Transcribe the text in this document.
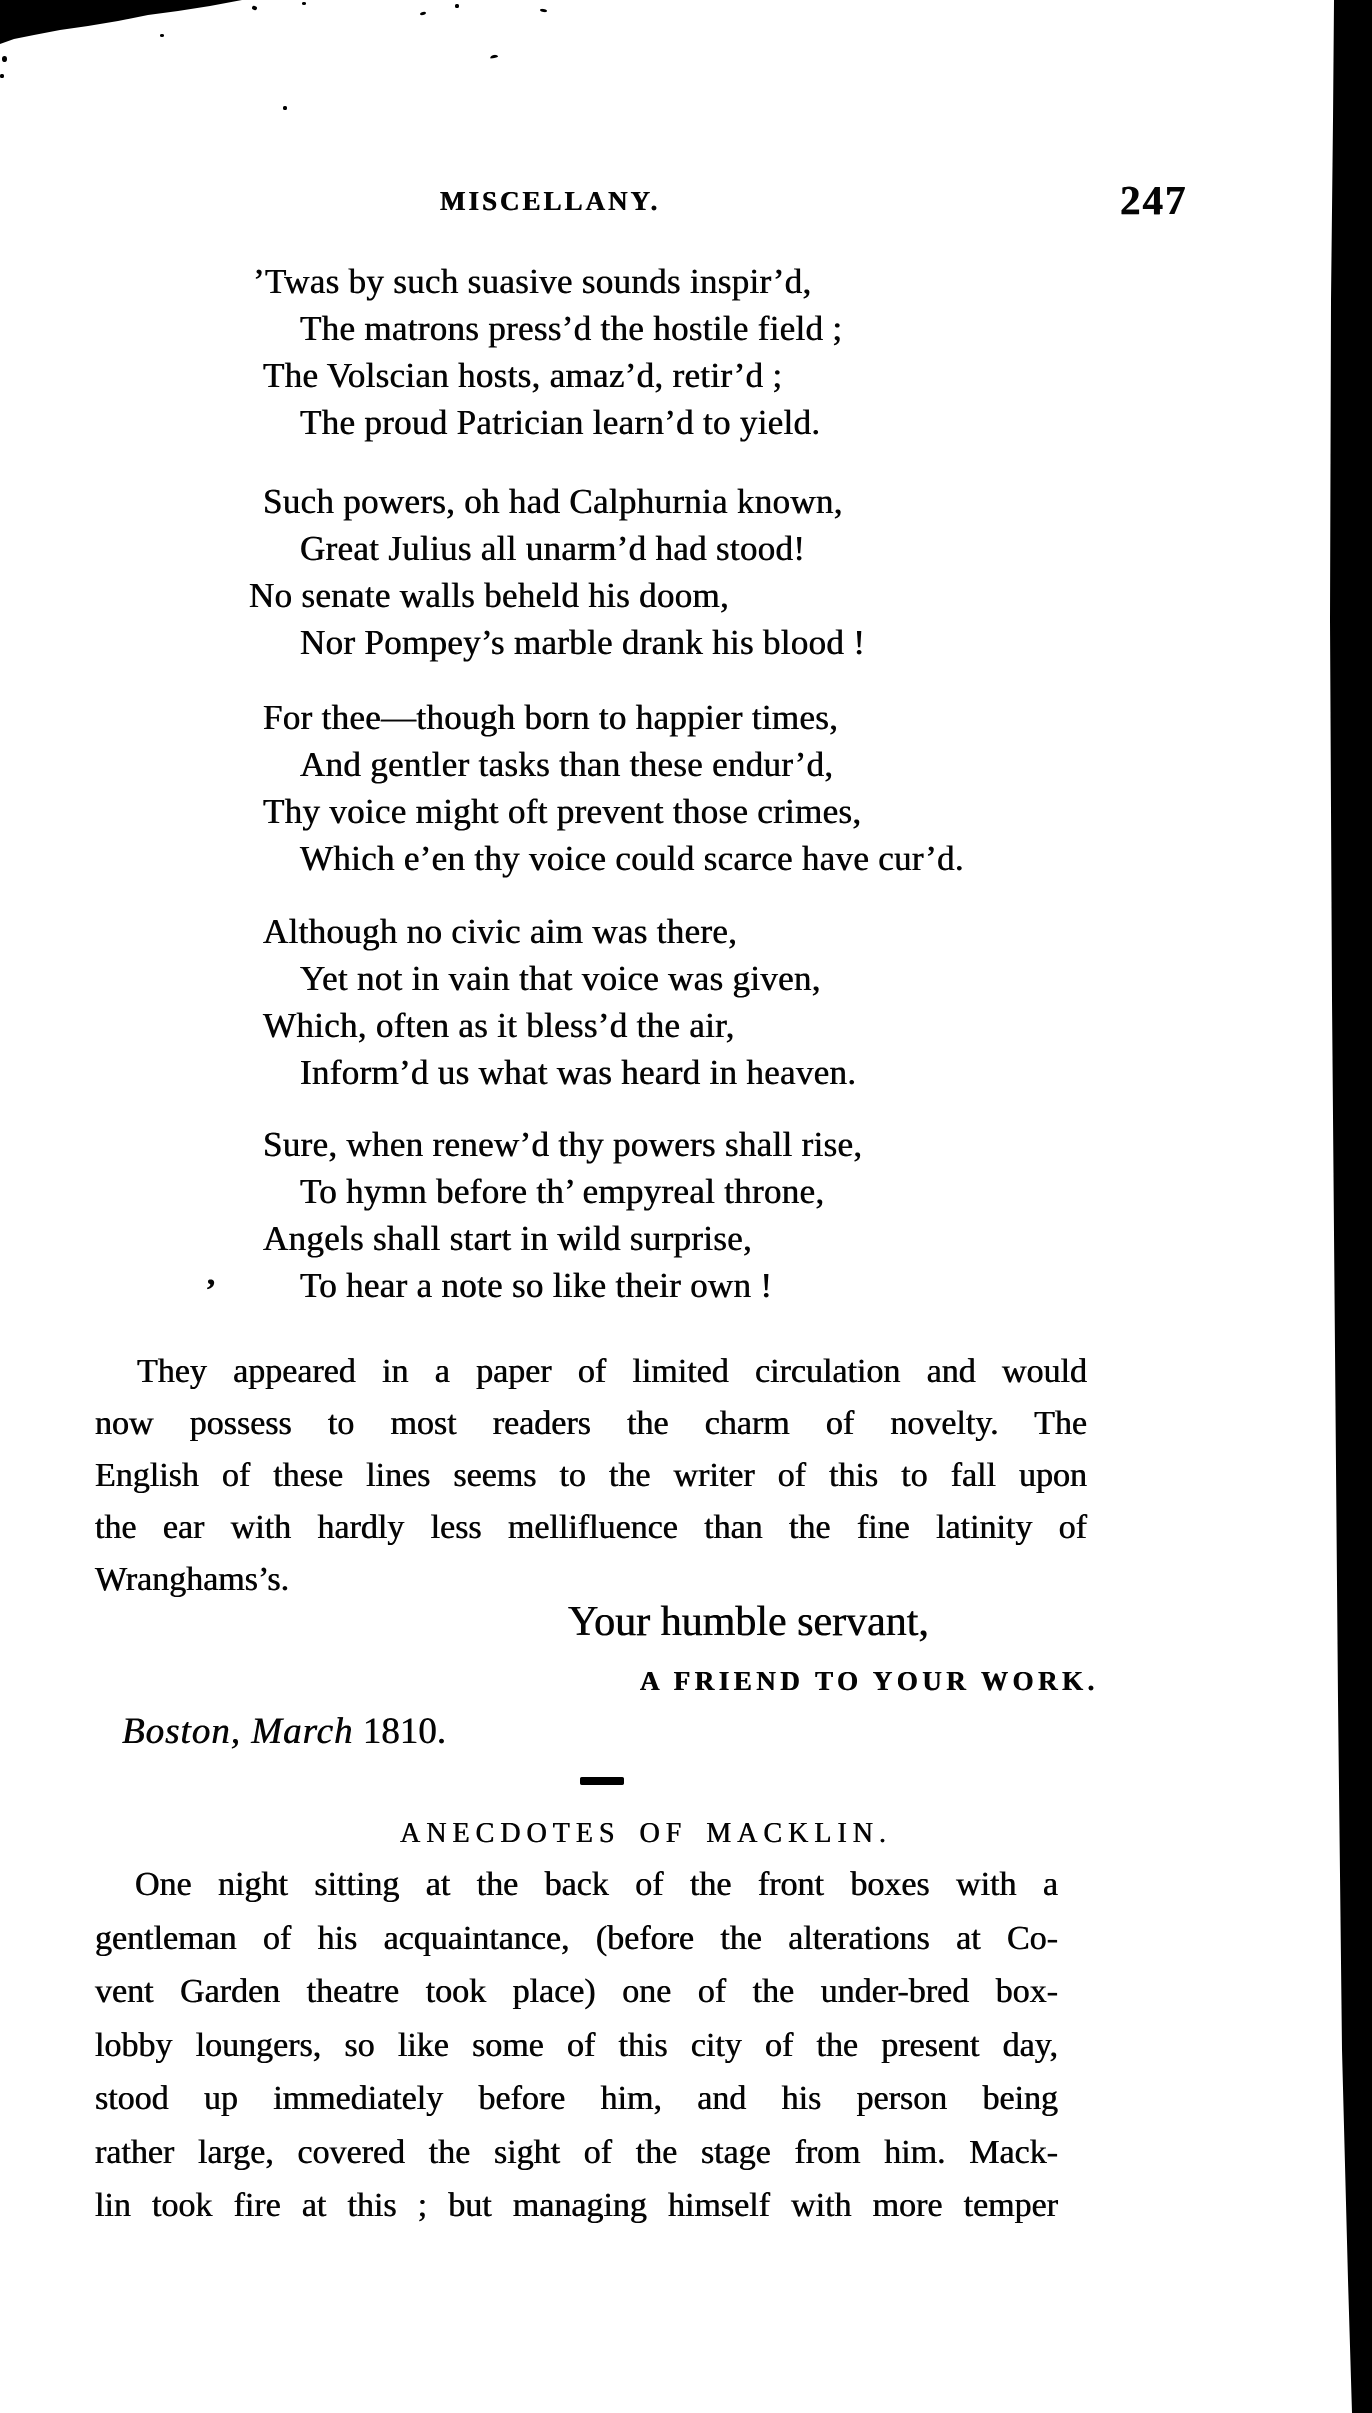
MISCELLANY.	247
’Twas by such suasive sounds inspir’d,
The matrons press’d the hostile field ;
The Volscian hosts, amaz’d, retir’d ;
The proud Patrician learn’d to yield.
Such powers, oh had Calphurnia known,
Great Julius all unarm’d had stood!
No senate walls beheld his doom,
Nor Pompey’s marble drank his blood !
For thee—though born to happier times,
And gentler tasks than these endur’d,
Thy voice might oft prevent those crimes,
Which e’en thy voice could scarce have cur’d.
Although no civic aim was there,
Yet not in vain that voice was given,
Which, often as it bless’d the air,
Inform’d us what was heard in heaven.
Sure, when renew’d thy powers shall rise,
To hymn before th’ empyreal throne,
Angels shall start in wild surprise,
To hear a note so like their own !
,
They appeared in a paper of limited circulation and would
now possess to most readers the charm of novelty. The
English of these lines seems to the writer of this to fall upon
the ear with hardly less mellifluence than the fine latinity of
Wranghams’s.
Your humble servant,
A FRIEND TO YOUR WORK.
Boston, March 1810.
ANECDOTES OF MACKLIN.
One night sitting at the back of the front boxes with a
gentleman of his acquaintance, (before the alterations at Co-
vent Garden theatre took place) one of the under-bred box-
lobby loungers, so like some of this city of the present day,
stood up immediately before him, and his person being
rather large, covered the sight of the stage from him. Mack-
lin took fire at this ; but managing himself with more temper
